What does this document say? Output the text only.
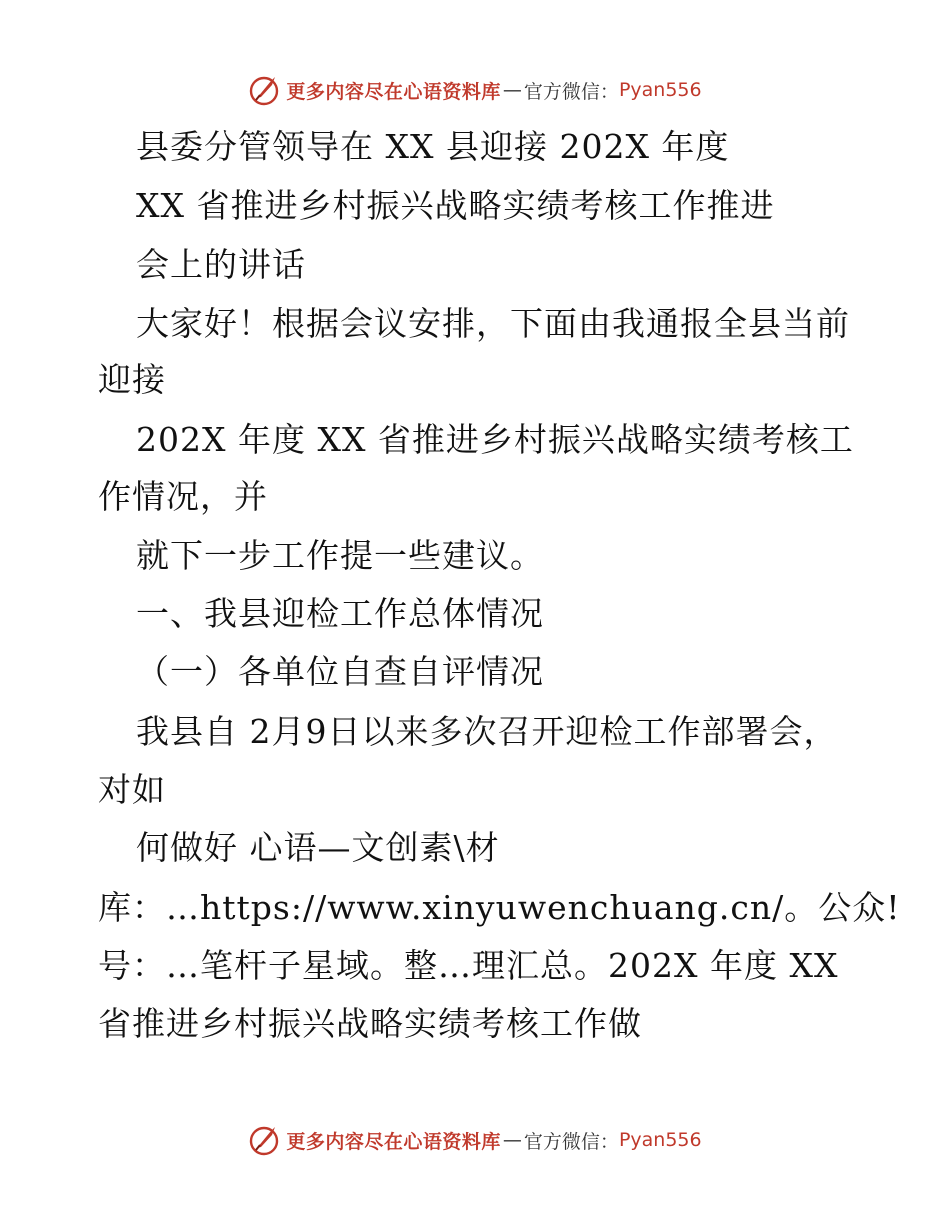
更多内容尽在心语资料库 — 官方微信： Pyan556
县委分管领导在 XX 县迎接 202X 年度
XX 省推进乡村振兴战略实绩考核工作推进
会上的讲话
大家好！根据会议安排，下面由我通报全县当前
迎接
202X 年度 XX 省推进乡村振兴战略实绩考核工
作情况，并
就下一步工作提一些建议。
一、我县迎检工作总体情况
（一）各单位自查自评情况
我县自 2月9日以来多次召开迎检工作部署会，
对如
何做好 心语—文创素\材
库：…https://www.xinyuwenchuang.cn/。公众!
号：…笔杆子星域。整…理汇总。202X 年度 XX
省推进乡村振兴战略实绩考核工作做
更多内容尽在心语资料库 — 官方微信： Pyan556
